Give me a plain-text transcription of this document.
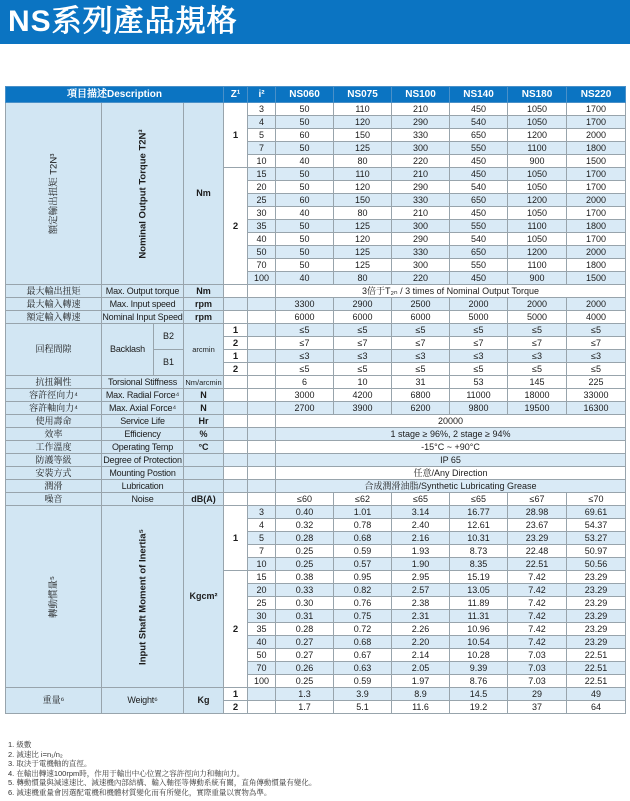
NS系列產品規格
項目描述Description				Z¹	i²	NS060	NS075	NS100	NS140	NS180	NS220

額定輸出扭矩 T2N³	Nominal Output Torque T2N³		Nm	1	3	50	110	210	450	1050	1700
					4	50	120	290	540	1050	1700
					5	60	150	330	650	1200	2000
					7	50	125	300	550	1100	1800
					10	40	80	220	450	900	1500
				2	15	50	110	210	450	1050	1700
					20	50	120	290	540	1050	1700
					25	60	150	330	650	1200	2000
					30	40	80	210	450	1050	1700
					35	50	125	300	550	1100	1800
					40	50	120	290	540	1050	1700
					50	50	125	330	650	1200	2000
					70	50	125	300	550	1100	1800
					100	40	80	220	450	900	1500
最大輸出扭矩	Max. Output torque		Nm			3倍于T₂ₙ / 3 times of Nominal Output Torque					
最大輸入轉速	Max. Input speed		rpm			3300	2900	2500	2000	2000	2000
額定輸入轉速	Nominal Input Speed		rpm			6000	6000	6000	5000	5000	4000
回程間隙	Backlash	B2	arcmin	1		≤5	≤5	≤5	≤5	≤5	≤5
				2		≤7	≤7	≤7	≤7	≤7	≤7
		B1		1		≤3	≤3	≤3	≤3	≤3	≤3
				2		≤5	≤5	≤5	≤5	≤5	≤5
抗扭鋼性	Torsional Stiffness		Nm/arcmin			6	10	31	53	145	225
容許徑向力⁴	Max. Radial Force⁴		N			3000	4200	6800	11000	18000	33000
容許軸向力⁴	Max. Axial Force⁴		N			2700	3900	6200	9800	19500	16300
使用壽命	Service Life		Hr			20000					
效率	Efficiency		%			1 stage ≥ 96%, 2 stage ≥ 94%					
工作溫度	Operating Temp		°C			-15°C ~ +90°C					
防護等級	Degree of Protection					IP 65					
安裝方式	Mounting Postion					任意/Any Direction					
潤滑	Lubrication					合成潤滑油脂/Synthetic Lubricating Grease					
噪音	Noise		dB(A)			≤60	≤62	≤65	≤65	≤67	≤70

轉動慣量⁵	Input Shaft Moment of Inertia⁵		Kgcm²	1	3	0.40	1.01	3.14	16.77	28.98	69.61
					4	0.32	0.78	2.40	12.61	23.67	54.37
					5	0.28	0.68	2.16	10.31	23.29	53.27
					7	0.25	0.59	1.93	8.73	22.48	50.97
					10	0.25	0.57	1.90	8.35	22.51	50.56
				2	15	0.38	0.95	2.95	15.19	7.42	23.29
					20	0.33	0.82	2.57	13.05	7.42	23.29
					25	0.30	0.76	2.38	11.89	7.42	23.29
					30	0.31	0.75	2.31	11.31	7.42	23.29
					35	0.28	0.72	2.26	10.96	7.42	23.29
					40	0.27	0.68	2.20	10.54	7.42	23.29
					50	0.27	0.67	2.14	10.28	7.03	22.51
					70	0.26	0.63	2.05	9.39	7.03	22.51
					100	0.25	0.59	1.97	8.76	7.03	22.51
重量⁶	Weight⁶		Kg	1		1.3	3.9	8.9	14.5	29	49
				2		1.7	5.1	11.6	19.2	37	64
1. 級數
2. 減速比 i=n₁/n₂
3. 取決于電機軸的直徑。
4. 在輸出轉速100rpm時，作用于輸出中心位置之容許徑向力和軸向力。
5. 轉動慣量與減速速比、減速機內部結構、輸入軸徑等傳動系統有關，直角傳動慣量有變化。
6. 減速機重量會因選配電機和機體材質變化而有所變化，實際重量以實物為準。
